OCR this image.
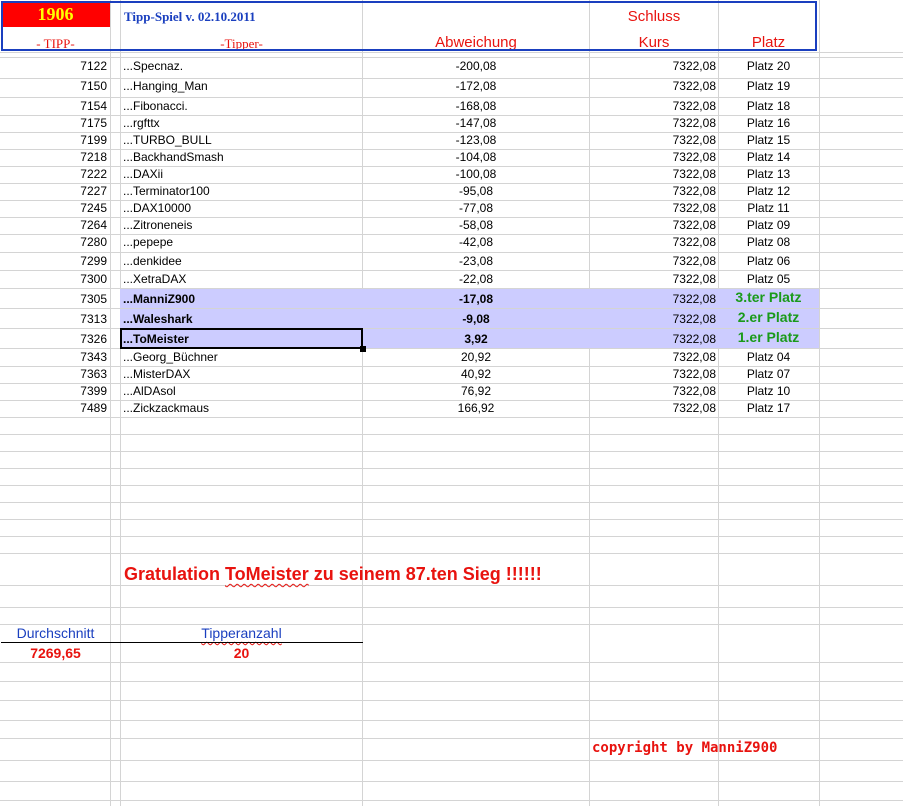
1906	Tipp-Spiel v. 02.10.2011	Schluss
- TIPP-	-Tipper-	Abweichung	Kurs	Platz
7122 ...Specnaz.	-200,08	7322,08	Platz 20
7150 ...Hanging_Man	-172,08	7322,08	Platz 19
7154 ...Fibonacci.	-168,08	7322,08	Platz 18
7175 ...rgfttx	-147,08	7322,08	Platz 16
7199 ...TURBO_BULL	-123,08	7322,08	Platz 15
7218 ...BackhandSmash	-104,08	7322,08	Platz 14
7222 ...DAXii	-100,08	7322,08	Platz 13
7227 ...Terminator100	-95,08	7322,08	Platz 12
7245 ...DAX10000	-77,08	7322,08	Platz 11
7264 ...Zitroneneis	-58,08	7322,08	Platz 09
7280 ...pepepe	-42,08	7322,08	Platz 08
7299 ...denkidee	-23,08	7322,08	Platz 06
7300 ...XetraDAX	-22,08	7322,08	Platz 05
7305 ...ManniZ900	-17,08	7322,08	3.ter Platz
7313 ...Waleshark	-9,08	7322,08	2.er Platz
7326 ...ToMeister	3,92	7322,08	1.er Platz
7343 ...Georg_Büchner	20,92	7322,08	Platz 04
7363 ...MisterDAX	40,92	7322,08	Platz 07
7399 ...AlDAsol	76,92	7322,08	Platz 10
7489 ...Zickzackmaus	166,92	7322,08	Platz 17
Gratulation ToMeister zu seinem 87.ten Sieg !!!!!!
Durchschnitt	Tipperanzahl
7269,65	20
copyright by ManniZ900
